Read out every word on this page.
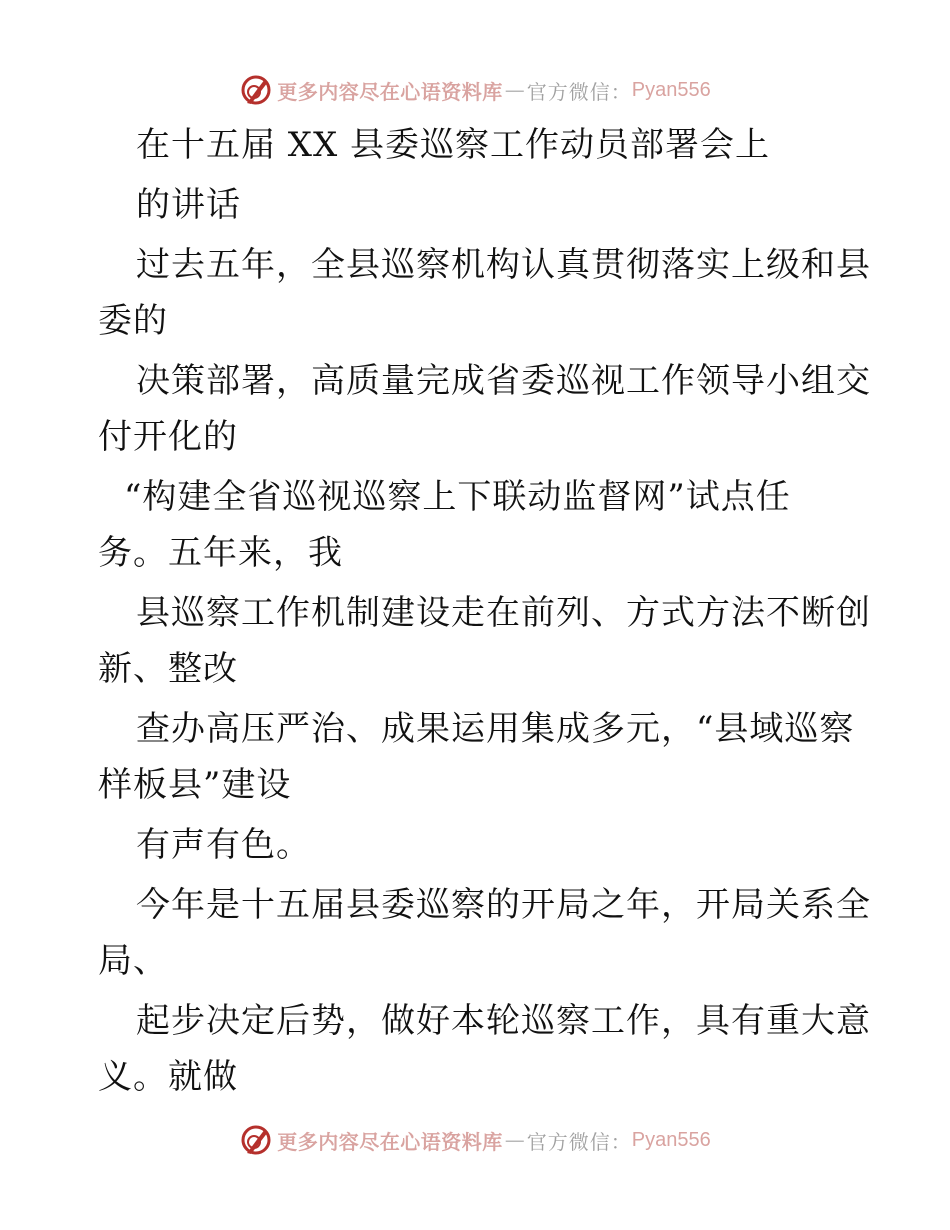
更多内容尽在心语资料库 — 官方微信： Pyan556
在十五届 XX 县委巡察工作动员部署会上
的讲话
过去五年，全县巡察机构认真贯彻落实上级和县
委的
决策部署，高质量完成省委巡视工作领导小组交
付开化的
“构建全省巡视巡察上下联动监督网”试点任
务。五年来，我
县巡察工作机制建设走在前列、方式方法不断创
新、整改
查办高压严治、成果运用集成多元，“县域巡察
样板县”建设
有声有色。
今年是十五届县委巡察的开局之年，开局关系全
局、
起步决定后势，做好本轮巡察工作，具有重大意
义。就做
更多内容尽在心语资料库 — 官方微信： Pyan556
